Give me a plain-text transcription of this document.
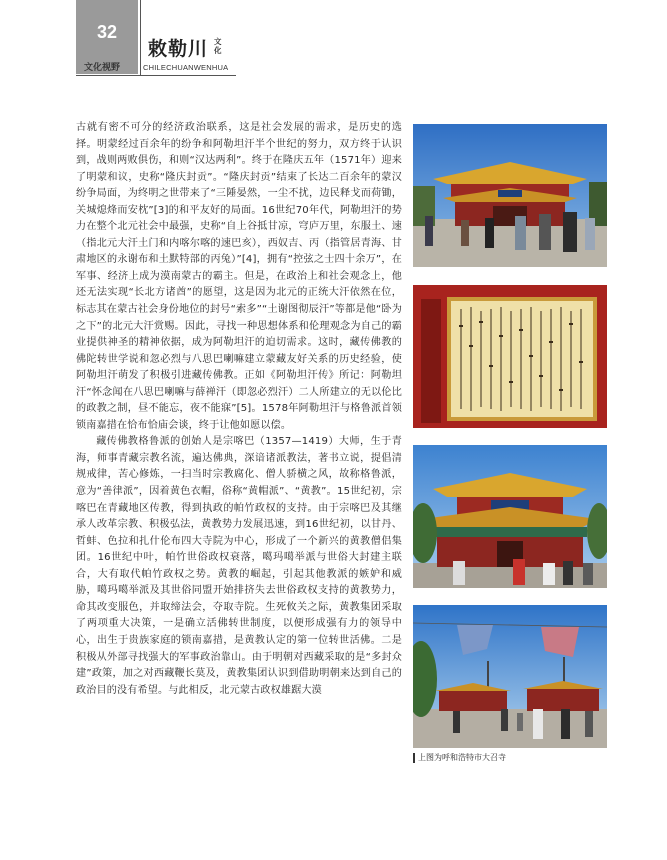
32
文化视野
敕勒川 文化
CHILECHUANWENHUA

古就有密不可分的经济政治联系，这是社会发展的需求，是历史的选择。明蒙经过百余年的纷争和阿勒坦汗半个世纪的努力，双方终于认识到，战则两败俱伤，和则“汉达两利”。终于在隆庆五年（1571年）迎来了明蒙和议，史称“隆庆封贡”。“隆庆封贡”结束了长达二百余年的蒙汉纷争局面，为终明之世带来了“三陲晏然，一尘不扰，边民释戈而荷锄，关城熄烽而安枕”[3]的和平友好的局面。16世纪70年代，阿勒坦汗的势力在整个北元社会中最强，史称“自上谷抵甘凉，穹庐万里，东服土、速（指北元大汗土门和内喀尔喀的速巴亥），西奴吉、丙（指管居青海、甘肃地区的永谢布和土默特部的丙兔）”[4]，拥有“控弦之士四十余万”，在军事、经济上成为漠南蒙古的霸主。但是，在政治上和社会观念上，他还无法实现“长北方诸酋”的愿望，这是因为北元的正统大汗依然在位，标志其在蒙古社会身份地位的封号“索多”“土谢图彻辰汗”等都是他“卧为之下”的北元大汗赏赐。因此，寻找一种思想体系和伦理观念为自己的霸业提供神圣的精神依据，成为阿勒坦汗的迫切需求。这时，藏传佛教的佛陀转世学说和忽必烈与八思巴喇嘛建立蒙藏友好关系的历史经验，使阿勒坦汗萌发了积极引进藏传佛教。正如《阿勒坦汗传》所记：阿勒坦汗“怀念闻在八思巴喇嘛与薛禅汗（即忽必烈汗）二人所建立的无以伦比的政教之制，昼不能忘，夜不能寐”[5]。1578年阿勒坦汗与格鲁派首领锁南嘉措在恰布恰庙会谈，终于让他如愿以偿。

藏传佛教格鲁派的创始人是宗喀巴（1357—1419）大师，生于青海，师事青藏宗教名流，遍达佛典，深谙诸派教法，著书立说，提倡清规戒律，苦心修炼，一扫当时宗教腐化、僧人骄横之风，故称格鲁派，意为“善律派”，因着黄色衣帽，俗称“黄帽派”、“黄教”。15世纪初，宗喀巴在青藏地区传教，得到执政的帕竹政权的支持。由于宗喀巴及其继承人改革宗教、积极弘法，黄教势力发展迅速，到16世纪初，以甘丹、哲蚌、色拉和扎什伦布四大寺院为中心，形成了一个新兴的黄教僧侣集团。16世纪中叶，帕竹世俗政权衰落，噶玛噶举派与世俗大封建主联合，大有取代帕竹政权之势。黄教的崛起，引起其他教派的嫉妒和威胁，噶玛噶举派及其世俗同盟开始排挤失去世俗政权支持的黄教势力，命其改变服色，并取缔法会，夺取寺院。生死攸关之际，黄教集团采取了两项重大决策，一是确立活佛转世制度，以便形成强有力的领导中心，出生于贵族家庭的锁南嘉措，是黄教认定的第一位转世活佛。二是积极从外部寻找强大的军事政治靠山。由于明朝对西藏采取的是“多封众建”政策，加之对西藏鞭长莫及，黄教集团认识到借助明朝来达到自己的政治目的没有希望。与此相反，北元蒙古政权雄踞大漠

上图为呼和浩特市大召寺
